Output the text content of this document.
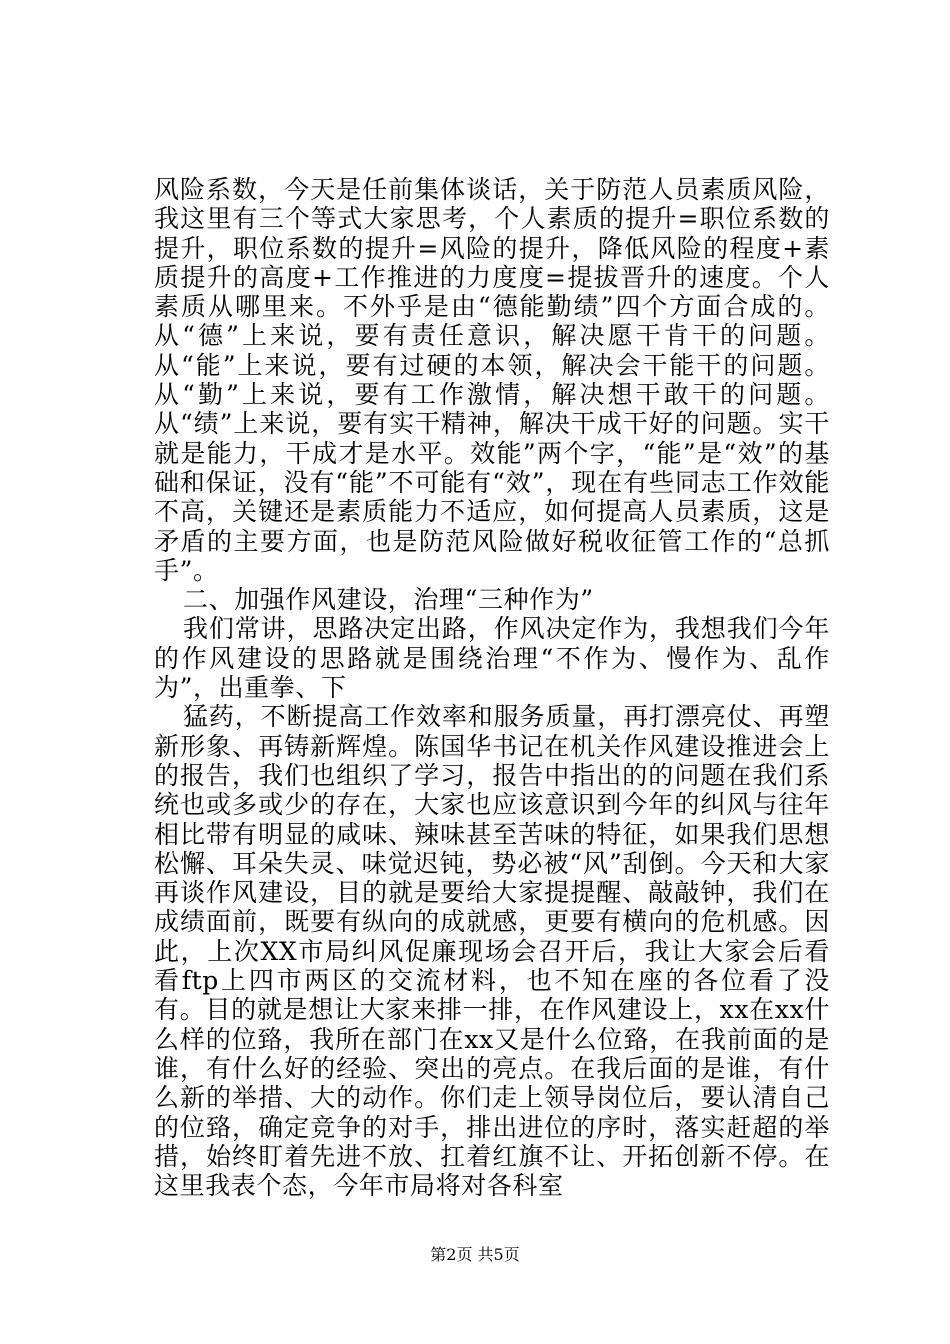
风险系数，今天是任前集体谈话，关于防范人员素质风险，我这里有三个等式大家思考，个人素质的提升=职位系数的提升，职位系数的提升=风险的提升，降低风险的程度+素质提升的高度+工作推进的力度度=提拔晋升的速度。个人素质从哪里来。不外乎是由“德能勤绩”四个方面合成的。从“德”上来说，要有责任意识，解决愿干肯干的问题。从“能”上来说，要有过硬的本领，解决会干能干的问题。从“勤”上来说，要有工作激情，解决想干敢干的问题。从“绩”上来说，要有实干精神，解决干成干好的问题。实干就是能力，干成才是水平。效能”两个字，“能”是“效”的基础和保证，没有“能”不可能有“效”，现在有些同志工作效能不高，关键还是素质能力不适应，如何提高人员素质，这是矛盾的主要方面，也是防范风险做好税收征管工作的“总抓手”。

二、加强作风建设，治理“三种作为”

我们常讲，思路决定出路，作风决定作为，我想我们今年的作风建设的思路就是围绕治理“不作为、慢作为、乱作为”，出重拳、下

猛药，不断提高工作效率和服务质量，再打漂亮仗、再塑新形象、再铸新辉煌。陈国华书记在机关作风建设推进会上的报告，我们也组织了学习，报告中指出的的问题在我们系统也或多或少的存在，大家也应该意识到今年的纠风与往年相比带有明显的咸味、辣味甚至苦味的特征，如果我们思想松懈、耳朵失灵、味觉迟钝，势必被“风”刮倒。今天和大家再谈作风建设，目的就是要给大家提提醒、敲敲钟，我们在成绩面前，既要有纵向的成就感，更要有横向的危机感。因此，上次XX市局纠风促廉现场会召开后，我让大家会后看看ftp上四市两区的交流材料，也不知在座的各位看了没有。目的就是想让大家来排一排，在作风建设上，xx在xx什么样的位臵，我所在部门在xx又是什么位臵，在我前面的是谁，有什么好的经验、突出的亮点。在我后面的是谁，有什么新的举措、大的动作。你们走上领导岗位后，要认清自己的位臵，确定竞争的对手，排出进位的序时，落实赶超的举措，始终盯着先进不放、扛着红旗不让、开拓创新不停。在这里我表个态，今年市局将对各科室

第2页 共5页
